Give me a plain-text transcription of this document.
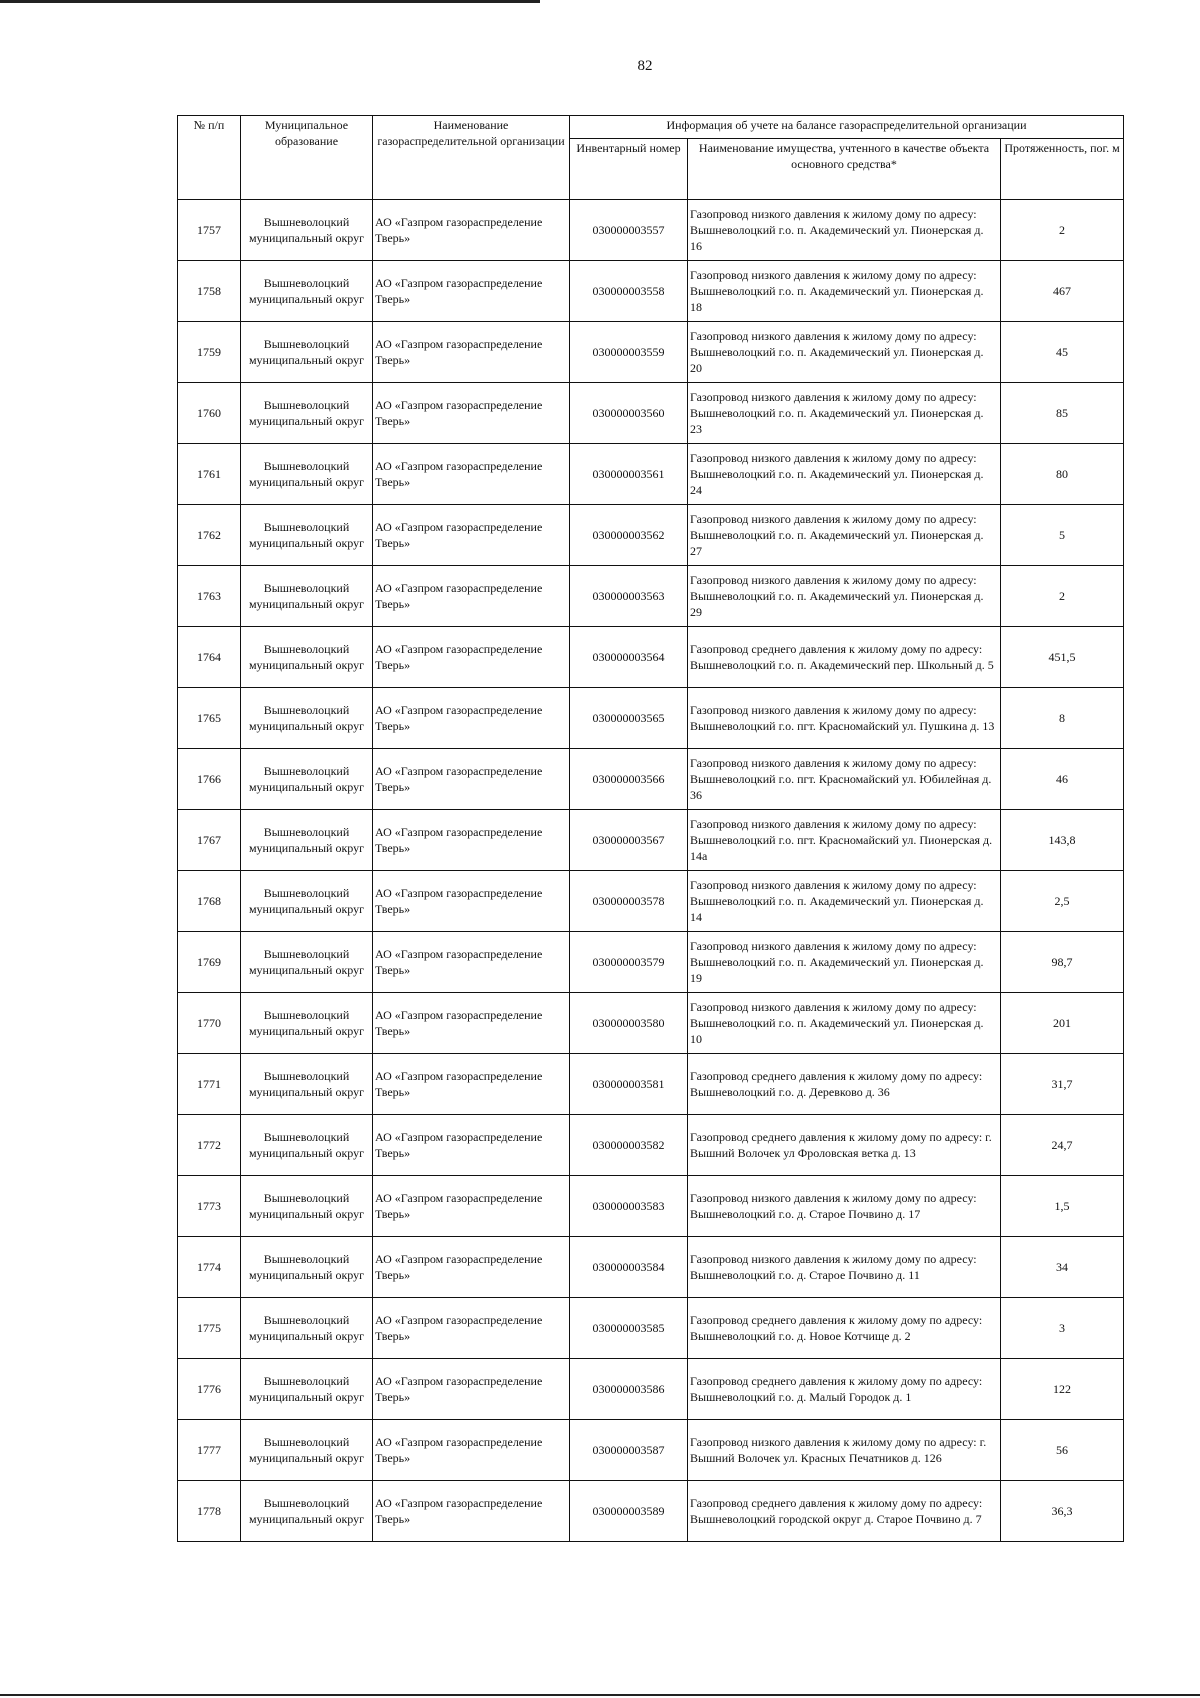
82
№ п/п	Муниципальное образование	Наименование газораспределительной организации	Информация об учете на балансе газораспределительной организации		
			Инвентарный номер	Наименование имущества, учтенного в качестве объекта основного средства*	Протяженность, пог. м
1757	Вышневолоцкий муниципальный округ	АО «Газпром газораспределение Тверь»	030000003557	Газопровод низкого давления к жилому дому по адресу: Вышневолоцкий г.о. п. Академический ул. Пионерская д. 16	2
1758	Вышневолоцкий муниципальный округ	АО «Газпром газораспределение Тверь»	030000003558	Газопровод низкого давления к жилому дому по адресу: Вышневолоцкий г.о. п. Академический ул. Пионерская д. 18	467
1759	Вышневолоцкий муниципальный округ	АО «Газпром газораспределение Тверь»	030000003559	Газопровод низкого давления к жилому дому по адресу: Вышневолоцкий г.о. п. Академический ул. Пионерская д. 20	45
1760	Вышневолоцкий муниципальный округ	АО «Газпром газораспределение Тверь»	030000003560	Газопровод низкого давления к жилому дому по адресу: Вышневолоцкий г.о. п. Академический ул. Пионерская д. 23	85
1761	Вышневолоцкий муниципальный округ	АО «Газпром газораспределение Тверь»	030000003561	Газопровод низкого давления к жилому дому по адресу: Вышневолоцкий г.о. п. Академический ул. Пионерская д. 24	80
1762	Вышневолоцкий муниципальный округ	АО «Газпром газораспределение Тверь»	030000003562	Газопровод низкого давления к жилому дому по адресу: Вышневолоцкий г.о. п. Академический ул. Пионерская д. 27	5
1763	Вышневолоцкий муниципальный округ	АО «Газпром газораспределение Тверь»	030000003563	Газопровод низкого давления к жилому дому по адресу: Вышневолоцкий г.о. п. Академический ул. Пионерская д. 29	2
1764	Вышневолоцкий муниципальный округ	АО «Газпром газораспределение Тверь»	030000003564	Газопровод среднего давления к жилому дому по адресу: Вышневолоцкий г.о. п. Академический пер. Школьный д. 5	451,5
1765	Вышневолоцкий муниципальный округ	АО «Газпром газораспределение Тверь»	030000003565	Газопровод низкого давления к жилому дому по адресу: Вышневолоцкий г.о. пгт. Красномайский ул. Пушкина д. 13	8
1766	Вышневолоцкий муниципальный округ	АО «Газпром газораспределение Тверь»	030000003566	Газопровод низкого давления к жилому дому по адресу: Вышневолоцкий г.о. пгт. Красномайский ул. Юбилейная д. 36	46
1767	Вышневолоцкий муниципальный округ	АО «Газпром газораспределение Тверь»	030000003567	Газопровод низкого давления к жилому дому по адресу: Вышневолоцкий г.о. пгт. Красномайский ул. Пионерская д. 14а	143,8
1768	Вышневолоцкий муниципальный округ	АО «Газпром газораспределение Тверь»	030000003578	Газопровод низкого давления к жилому дому по адресу: Вышневолоцкий г.о. п. Академический ул. Пионерская д. 14	2,5
1769	Вышневолоцкий муниципальный округ	АО «Газпром газораспределение Тверь»	030000003579	Газопровод низкого давления к жилому дому по адресу: Вышневолоцкий г.о. п. Академический ул. Пионерская д. 19	98,7
1770	Вышневолоцкий муниципальный округ	АО «Газпром газораспределение Тверь»	030000003580	Газопровод низкого давления к жилому дому по адресу: Вышневолоцкий г.о. п. Академический ул. Пионерская д. 10	201
1771	Вышневолоцкий муниципальный округ	АО «Газпром газораспределение Тверь»	030000003581	Газопровод среднего давления к жилому дому по адресу: Вышневолоцкий г.о. д. Деревково д. 36	31,7
1772	Вышневолоцкий муниципальный округ	АО «Газпром газораспределение Тверь»	030000003582	Газопровод среднего давления к жилому дому по адресу: г. Вышний Волочек ул Фроловская ветка д. 13	24,7
1773	Вышневолоцкий муниципальный округ	АО «Газпром газораспределение Тверь»	030000003583	Газопровод низкого давления к жилому дому по адресу: Вышневолоцкий г.о. д. Старое Почвино д. 17	1,5
1774	Вышневолоцкий муниципальный округ	АО «Газпром газораспределение Тверь»	030000003584	Газопровод низкого давления к жилому дому по адресу: Вышневолоцкий г.о. д. Старое Почвино д. 11	34
1775	Вышневолоцкий муниципальный округ	АО «Газпром газораспределение Тверь»	030000003585	Газопровод среднего давления к жилому дому по адресу: Вышневолоцкий г.о. д. Новое Котчище д. 2	3
1776	Вышневолоцкий муниципальный округ	АО «Газпром газораспределение Тверь»	030000003586	Газопровод среднего давления к жилому дому по адресу: Вышневолоцкий г.о. д. Малый Городок д. 1	122
1777	Вышневолоцкий муниципальный округ	АО «Газпром газораспределение Тверь»	030000003587	Газопровод низкого давления к жилому дому по адресу: г. Вышний Волочек ул. Красных Печатников д. 126	56
1778	Вышневолоцкий муниципальный округ	АО «Газпром газораспределение Тверь»	030000003589	Газопровод среднего давления к жилому дому по адресу: Вышневолоцкий городской округ д. Старое Почвино д. 7	36,3
